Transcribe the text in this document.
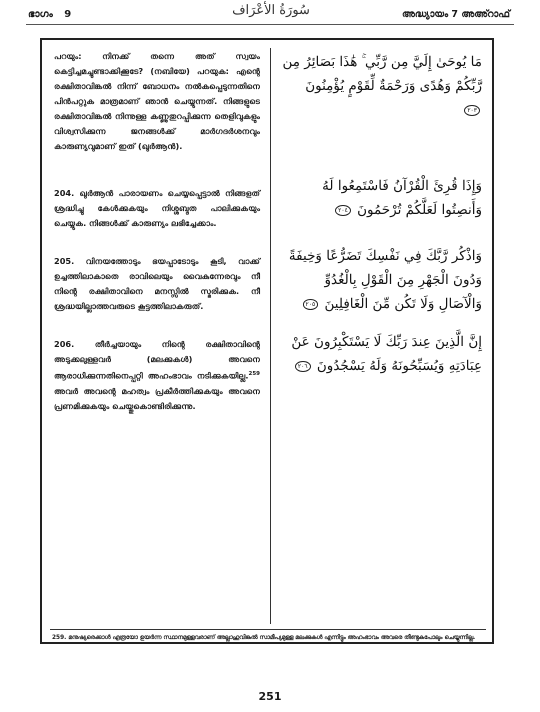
ഭാഗം 9	سُورَةُ الأعْرَاف	അദ്ധ്യായം 7 അഅ്റാഫ്

പറയും: നിനക്ക് തന്നെ അത് സ്വയം കെട്ടിച്ചമച്ചുണ്ടാക്കിക്കൂടേ? (നബിയേ) പറയുക: എന്റെ രക്ഷിതാവിങ്കല്‍ നിന്ന് ബോധനം നല്‍കപ്പെടുന്നതിനെ പിന്‍പറ്റുക മാത്രമാണ് ഞാന്‍ ചെയ്യുന്നത്. നിങ്ങളുടെ രക്ഷിതാവിങ്കല്‍ നിന്നുള്ള കണ്ണുതുറപ്പിക്കുന്ന തെളിവുകളും വിശ്വസിക്കുന്ന ജനങ്ങള്‍ക്ക് മാര്‍ഗദര്‍ശനവും കാരുണ്യവുമാണ് ഇത് (ഖുര്‍ആന്‍).

204. ഖുര്‍ആന്‍ പാരായണം ചെയ്യപ്പെട്ടാല്‍ നിങ്ങളത് ശ്രദ്ധിച്ചു കേള്‍ക്കുകയും നിശ്ശബ്ദത പാലിക്കുകയും ചെയ്യുക. നിങ്ങള്‍ക്ക് കാരുണ്യം ലഭിച്ചേക്കാം.

205. വിനയത്തോടും ഭയപ്പാടോടും കൂടി, വാക്ക് ഉച്ചത്തിലാകാതെ രാവിലെയും വൈകുന്നേരവും നീ നിന്റെ രക്ഷിതാവിനെ മനസ്സില്‍ സ്മരിക്കുക. നീ ശ്രദ്ധയില്ലാത്തവരുടെ കൂട്ടത്തിലാകരുത്.

206. തീര്‍ച്ചയായും നിന്റെ രക്ഷിതാവിന്റെ അടുക്കലുള്ളവര്‍ (മലക്കുകള്‍) അവനെ ആരാധിക്കുന്നതിനെപ്പറ്റി അഹംഭാവം നടിക്കുകയില്ല.$^{259}$ അവര്‍ അവന്റെ മഹത്വം പ്രകീര്‍ത്തിക്കുകയും അവനെ പ്രണമിക്കുകയും ചെയ്തുകൊണ്ടിരിക്കുന്നു.

مَا يُوحَىٰ إِلَيَّ مِن رَّبِّي ۚ هَٰذَا بَصَائِرُ مِن رَّبِّكُمْ وَهُدًى وَرَحْمَةٌ لِّقَوْمٍ يُؤْمِنُونَ ٢٠٣
وَإِذَا قُرِئَ الْقُرْآنُ فَاسْتَمِعُوا لَهُ وَأَنصِتُوا لَعَلَّكُمْ تُرْحَمُونَ ٢٠٤
وَاذْكُر رَّبَّكَ فِي نَفْسِكَ تَضَرُّعًا وَخِيفَةً وَدُونَ الْجَهْرِ مِنَ الْقَوْلِ بِالْغُدُوِّ وَالْآصَالِ وَلَا تَكُن مِّنَ الْغَافِلِينَ ٢٠٥
إِنَّ الَّذِينَ عِندَ رَبِّكَ لَا يَسْتَكْبِرُونَ عَنْ عِبَادَتِهِ وَيُسَبِّحُونَهُ وَلَهُ يَسْجُدُونَ ٢٠٦
259. മനുഷ്യരെക്കാള്‍ എത്രയോ ഉയര്‍ന്ന സ്ഥാനമുള്ളവരാണ് അല്ലാഹുവിങ്കല്‍ സാമീപ്യമുള്ള മലക്കുകള്‍ എന്നിട്ടും അഹംഭാവം അവരെ തീണ്ടുകപോലും ചെയ്യുന്നില്ല.
251
